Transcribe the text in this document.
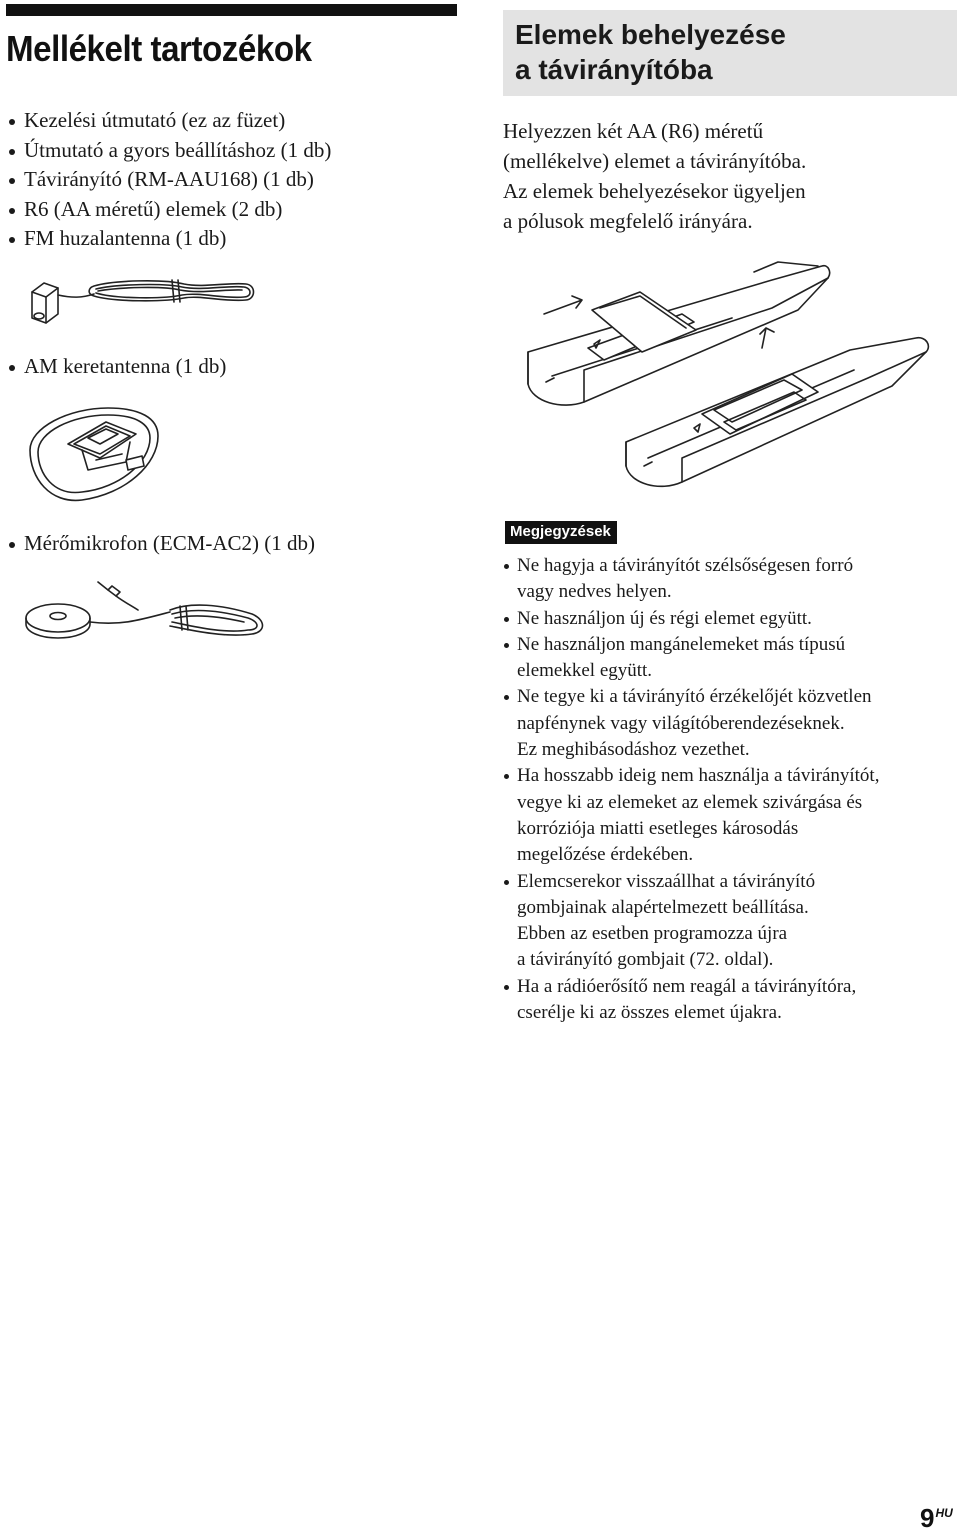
Mellékelt tartozékok
Kezelési útmutató (ez az füzet)
Útmutató a gyors beállításhoz (1 db)
Távirányító (RM-AAU168) (1 db)
R6 (AA méretű) elemek (2 db)
FM huzalantenna (1 db)
AM keretantenna (1 db)
Mérőmikrofon (ECM-AC2) (1 db)
Elemek behelyezése
a távirányítóba

Helyezzen két AA (R6) méretű
(mellékelve) elemet a távirányítóba.
Az elemek behelyezésekor ügyeljen
a pólusok megfelelő irányára.

Megjegyzések
Ne hagyja a távirányítót szélsőségesen forró
vagy nedves helyen.
Ne használjon új és régi elemet együtt.
Ne használjon mangánelemeket más típusú
elemekkel együtt.
Ne tegye ki a távirányító érzékelőjét közvetlen
napfénynek vagy világítóberendezéseknek.
Ez meghibásodáshoz vezethet.
Ha hosszabb ideig nem használja a távirányítót,
vegye ki az elemeket az elemek szivárgása és
korróziója miatti esetleges károsodás
megelőzése érdekében.
Elemcserekor visszaállhat a távirányító
gombjainak alapértelmezett beállítása.
Ebben az esetben programozza újra
a távirányító gombjait (72. oldal).
Ha a rádióerősítő nem reagál a távirányítóra,
cserélje ki az összes elemet újakra.
$9^{HU}$
